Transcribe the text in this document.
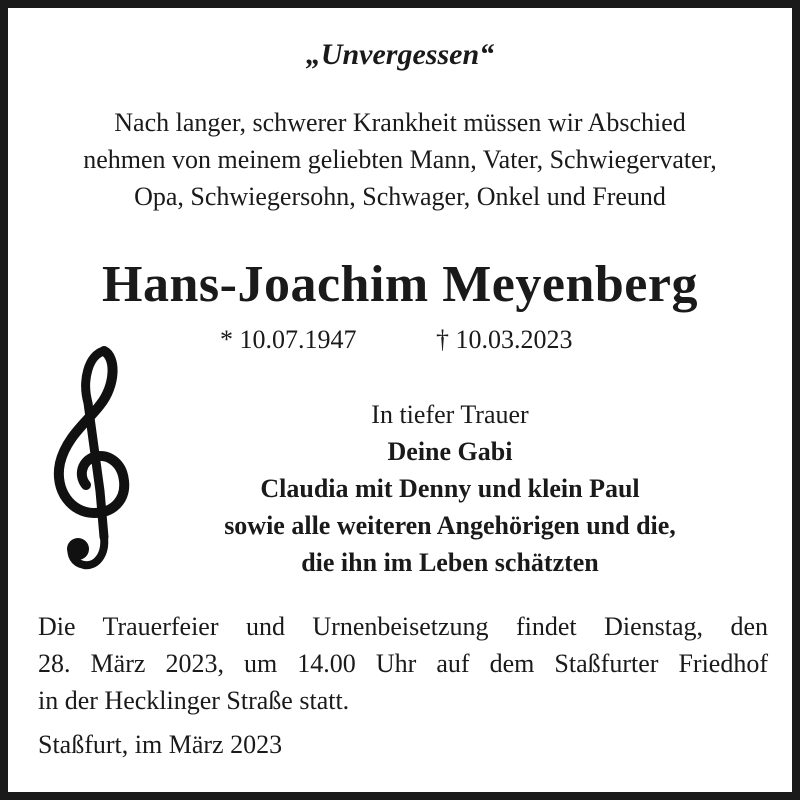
„Unvergessen“
Nach langer, schwerer Krankheit müssen wir Abschied
nehmen von meinem geliebten Mann, Vater, Schwiegervater,
Opa, Schwiegersohn, Schwager, Onkel und Freund
Hans-Joachim Meyenberg
* 10.07.1947	† 10.03.2023
In tiefer Trauer
Deine Gabi
Claudia mit Denny und klein Paul
sowie alle weiteren Angehörigen und die,
die ihn im Leben schätzten
Die Trauerfeier und Urnenbeisetzung findet Dienstag, den
28. März 2023, um 14.00 Uhr auf dem Staßfurter Friedhof
in der Hecklinger Straße statt.
Staßfurt, im März 2023
